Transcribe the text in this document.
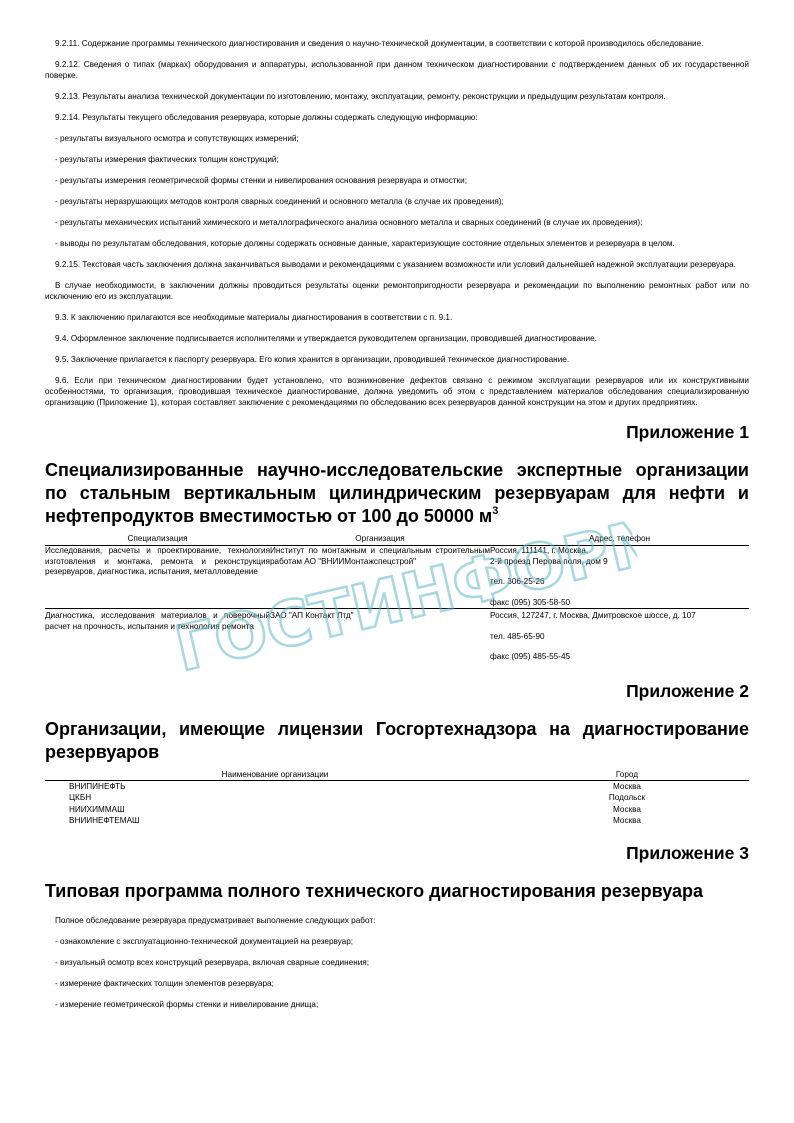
9.2.11. Содержание программы технического диагностирования и сведения о научно-технической документации, в соответствии с которой производилось обследование.

9.2.12. Сведения о типах (марках) оборудования и аппаратуры, использованной при данном техническом диагностировании с подтверждением данных об их государственной поверке.

9.2.13. Результаты анализа технической документации по изготовлению, монтажу, эксплуатации, ремонту, реконструкции и предыдущим результатам контроля.

9.2.14. Результаты текущего обследования резервуара, которые должны содержать следующую информацию:

- результаты визуального осмотра и сопутствующих измерений;

- результаты измерения фактических толщин конструкций;

- результаты измерения геометрической формы стенки и нивелирования основания резервуара и отмостки;

- результаты неразрушающих методов контроля сварных соединений и основного металла (в случае их проведения);

- результаты механических испытаний химического и металлографического анализа основного металла и сварных соединений (в случае их проведения);

- выводы по результатам обследования, которые должны содержать основные данные, характеризующие состояние отдельных элементов и резервуара в целом.

9.2.15. Текстовая часть заключения должна заканчиваться выводами и рекомендациями с указанием возможности или условий дальнейшей надежной эксплуатации резервуара.

В случае необходимости, в заключении должны проводиться результаты оценки ремонтопригодности резервуара и рекомендации по выполнению ремонтных работ или по исключению его из эксплуатации.

9.3. К заключению прилагаются все необходимые материалы диагностирования в соответствии с п. 9.1.

9.4. Оформленное заключение подписывается исполнителями и утверждается руководителем организации, проводившей диагностирование.

9.5. Заключение прилагается к паспорту резервуара. Его копия хранится в организации, проводившей техническое диагностирование.

9.6. Если при техническом диагностировании будет установлено, что возникновение дефектов связано с режимом эксплуатации резервуаров или их конструктивными особенностями, то организация, проводившая техническое диагностирование, должна уведомить об этом с представлением материалов обследования специализированную организацию (Приложение 1), которая составляет заключение с рекомендациями по обследованию всех резервуаров данной конструкции на этом и других предприятиях.

Приложение 1
Специализированные научно-исследовательские экспертные организации по стальным вертикальным цилиндрическим резервуарам для нефти и нефтепродуктов вместимостью от 100 до 50000 $м^3$
Специализация	Организация	Адрес, телефон
Исследования, расчеты и проектирование, технология изготовления и монтажа, ремонта и реконструкция резервуаров, диагностика, испытания, металловедение	Институт по монтажным и специальным строительным работам АО "ВНИИМонтажспецстрой"	Россия, 111141, г. Москва,
2-й проезд Перова поля, дом 9
тел. 306-25-26
факс (095) 305-58-50

Диагностика, исследования материалов и поверочный расчет на прочность, испытания и технология ремонта	ЗАО "АП Контакт Лтд"	Россия, 127247, г. Москва, Дмитровское шоссе, д. 107
тел. 485-65-90
факс (095) 485-55-45
Приложение 2
Организации, имеющие лицензии Госгортехнадзора на диагностирование резервуаров
Наименование организации	Город
ВНИПИНЕФТЬ	Москва
ЦКБН	Подольск
НИИХИММАШ	Москва
ВНИИНЕФТЕМАШ	Москва
Приложение 3
Типовая программа полного технического диагностирования резервуара

Полное обследование резервуара предусматривает выполнение следующих работ:

- ознакомление с эксплуатационно-технической документацией на резервуар;

- визуальный осмотр всех конструкций резервуара, включая сварные соединения;

- измерение фактических толщин элементов резервуара;

- измерение геометрической формы стенки и нивелирование днища;

ГОСТИНФОРМ.РУ
